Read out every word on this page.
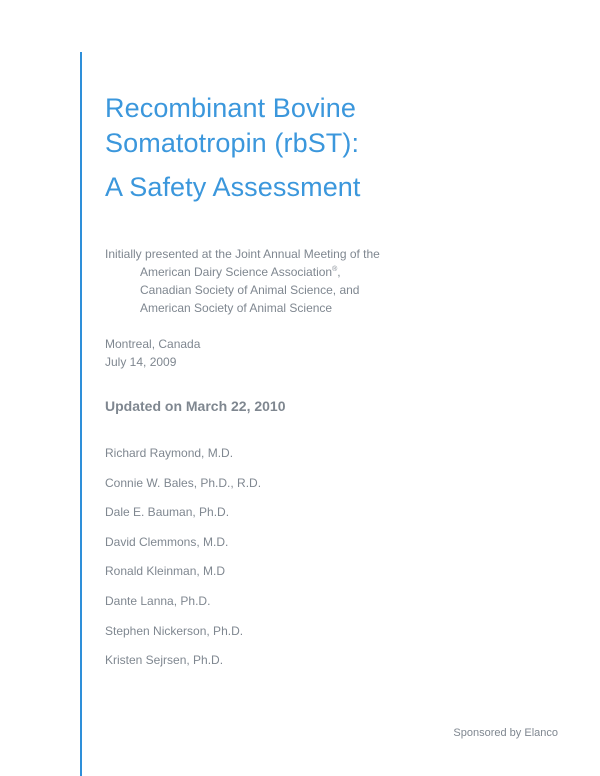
Recombinant Bovine
Somatotropin (rbST):
A Safety Assessment
Initially presented at the Joint Annual Meeting of the
American Dairy Science Association®,
Canadian Society of Animal Science, and
American Society of Animal Science
Montreal, Canada
July 14, 2009
Updated on March 22, 2010
Richard Raymond, M.D.
Connie W. Bales, Ph.D., R.D.
Dale E. Bauman, Ph.D.
David Clemmons, M.D.
Ronald Kleinman, M.D
Dante Lanna, Ph.D.
Stephen Nickerson, Ph.D.
Kristen Sejrsen, Ph.D.
Sponsored by Elanco
